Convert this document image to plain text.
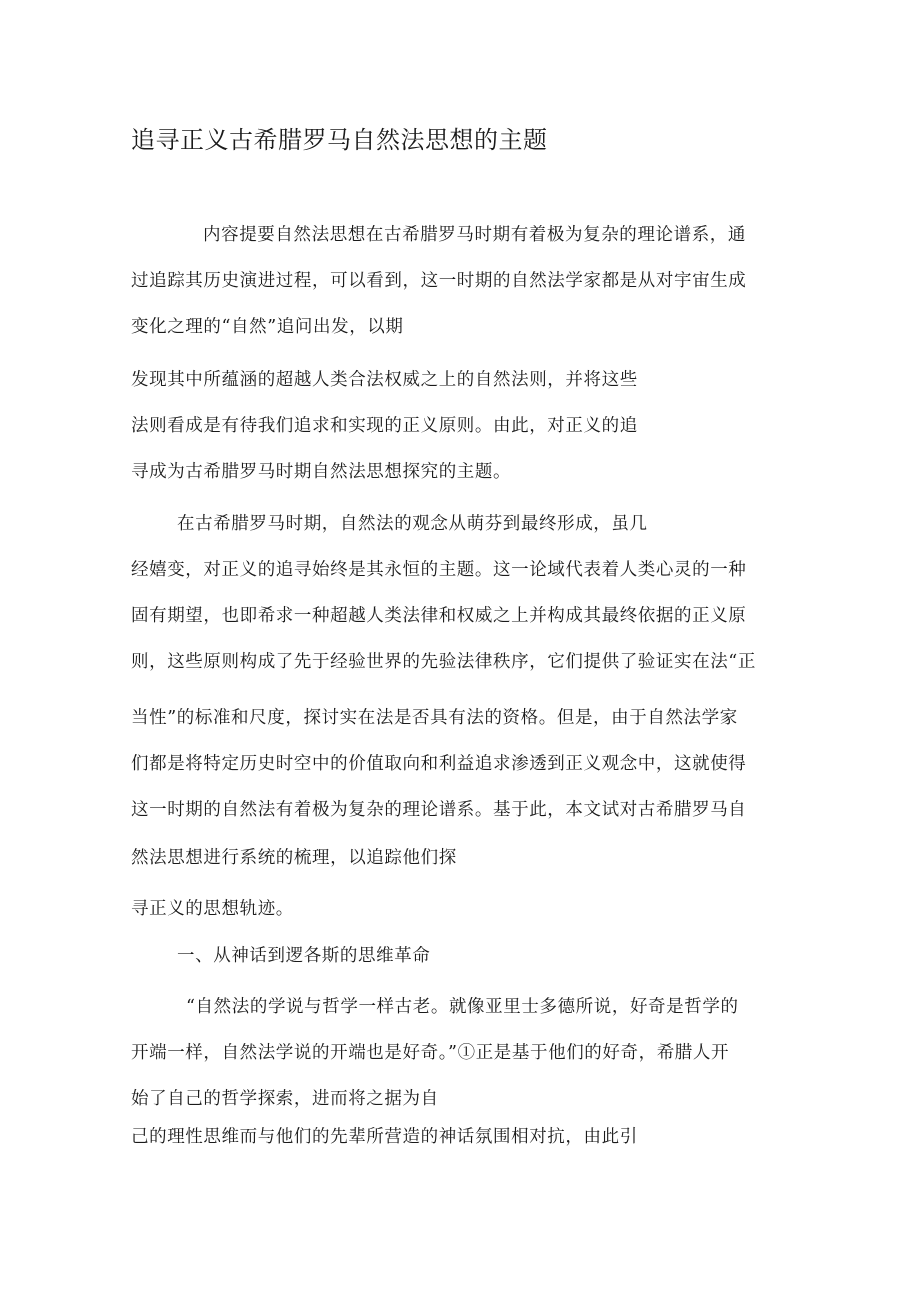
追寻正义古希腊罗马自然法思想的主题
内容提要自然法思想在古希腊罗马时期有着极为复杂的理论谱系，通
过追踪其历史演进过程，可以看到，这一时期的自然法学家都是从对宇宙生成
变化之理的“自然”追问出发，以期
发现其中所蕴涵的超越人类合法权威之上的自然法则，并将这些
法则看成是有待我们追求和实现的正义原则。由此，对正义的追
寻成为古希腊罗马时期自然法思想探究的主题。
在古希腊罗马时期，自然法的观念从萌芬到最终形成，虽几
经嬉变，对正义的追寻始终是其永恒的主题。这一论域代表着人类心灵的一种
固有期望，也即希求一种超越人类法律和权威之上并构成其最终依据的正义原
则，这些原则构成了先于经验世界的先验法律秩序，它们提供了验证实在法“正
当性”的标准和尺度，探讨实在法是否具有法的资格。但是，由于自然法学家
们都是将特定历史时空中的价值取向和利益追求渗透到正义观念中，这就使得
这一时期的自然法有着极为复杂的理论谱系。基于此，本文试对古希腊罗马自
然法思想进行系统的梳理，以追踪他们探
寻正义的思想轨迹。
一、从神话到逻各斯的思维革命
“自然法的学说与哲学一样古老。就像亚里士多德所说，好奇是哲学的
开端一样，自然法学说的开端也是好奇。”①正是基于他们的好奇，希腊人开
始了自己的哲学探索，进而将之据为自
己的理性思维而与他们的先辈所营造的神话氛围相对抗，由此引
